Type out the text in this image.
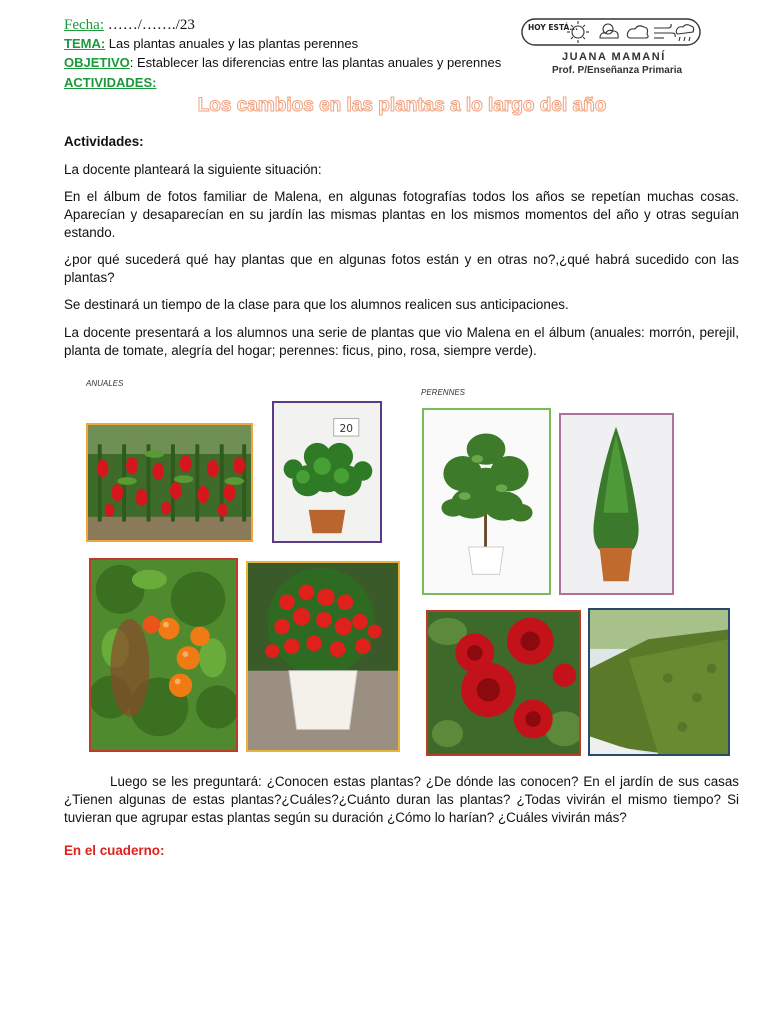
Fecha: ……/……./23
TEMA: Las plantas anuales y las plantas perennes
OBJETIVO: Establecer las diferencias entre las plantas anuales y perennes
ACTIVIDADES:
HOY ESTÁ...
JUANA MAMANÍ
Prof. P/Enseñanza Primaria
Los cambios en las plantas a lo largo del año
Actividades:
La docente planteará la siguiente situación:
En el álbum de fotos familiar de Malena, en algunas fotografías todos los años se repetían muchas cosas. Aparecían y desaparecían en su jardín las mismas plantas en los mismos momentos del año y otras seguían estando.
¿por qué sucederá qué hay plantas que en algunas fotos están y en otras no?,¿qué habrá sucedido con las plantas?
Se destinará un tiempo de la clase para que los alumnos realicen sus anticipaciones.
La docente presentará a los alumnos una serie de plantas que vio Malena en el álbum (anuales: morrón, perejil, planta de tomate, alegría del hogar; perennes: ficus, pino, rosa, siempre verde).
ANUALES
PERENNES
20
Luego se les preguntará: ¿Conocen estas plantas? ¿De dónde las conocen? En el jardín de sus casas ¿Tienen algunas de estas plantas?¿Cuáles?¿Cuánto duran las plantas? ¿Todas vivirán el mismo tiempo? Si tuvieran que agrupar estas plantas según su duración ¿Cómo lo harían? ¿Cuáles vivirán más?
En el cuaderno:
